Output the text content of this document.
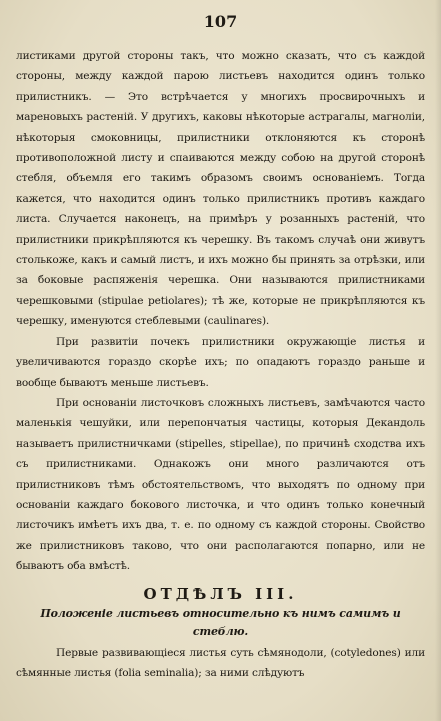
107

листиками другой стороны такъ, что можно сказать, что съ каждой стороны, между каждой парою листьевъ находится одинъ только прилистникъ. — Это встрѣчается у многихъ просвирочныхъ и мареновыхъ растеній. У другихъ, каковы нѣкоторые астрагалы, магноліи, нѣкоторыя смоковницы, прилистники отклоняются къ сторонѣ противоположной листу и спаиваются между собою на другой сторонѣ стебля, объемля его такимъ образомъ своимъ основаніемъ. Тогда кажется, что находится одинъ только прилистникъ противъ каждаго листа. Случается наконецъ, на примѣръ у розанныхъ растеній, что прилистники прикрѣпляются къ черешку. Въ такомъ случаѣ они живутъ столькоже, какъ и самый листъ, и ихъ можно бы принять за отрѣзки, или за боковые распяженія черешка. Они называются прилистниками черешковыми (stipulae petiolares); тѣ же, которые не прикрѣпляются къ черешку, именуются стеблевыми (caulinares).

При развитіи почекъ прилистники окружающіе листья и увеличиваются гораздо скорѣе ихъ; по опадаютъ гораздо раньше и вообще бываютъ меньше листьевъ.

При основаніи листочковъ сложныхъ листьевъ, замѣчаются часто маленькія чешуйки, или перепончатыя частицы, которыя Декандоль называетъ прилистничками (stipelles, stipellae), по причинѣ сходства ихъ съ прилистниками. Однакожъ они много различаются отъ прилистниковъ тѣмъ обстоятельствомъ, что выходятъ по одному при основаніи каждаго бокового листочка, и что одинъ только конечный листочикъ имѣетъ ихъ два, т. е. по одному съ каждой стороны. Свойство же прилистниковъ таково, что они располагаются попарно, или не бываютъ оба вмѣстѣ.

ОТДѢЛЪ III.
Положеніе листьевъ относительно къ нимъ самимъ и стеблю.

Первые развивающіеся листья суть сѣмянодоли, (cotyledones) или сѣмянные листья (folia seminalia); за ними слѣдуютъ
